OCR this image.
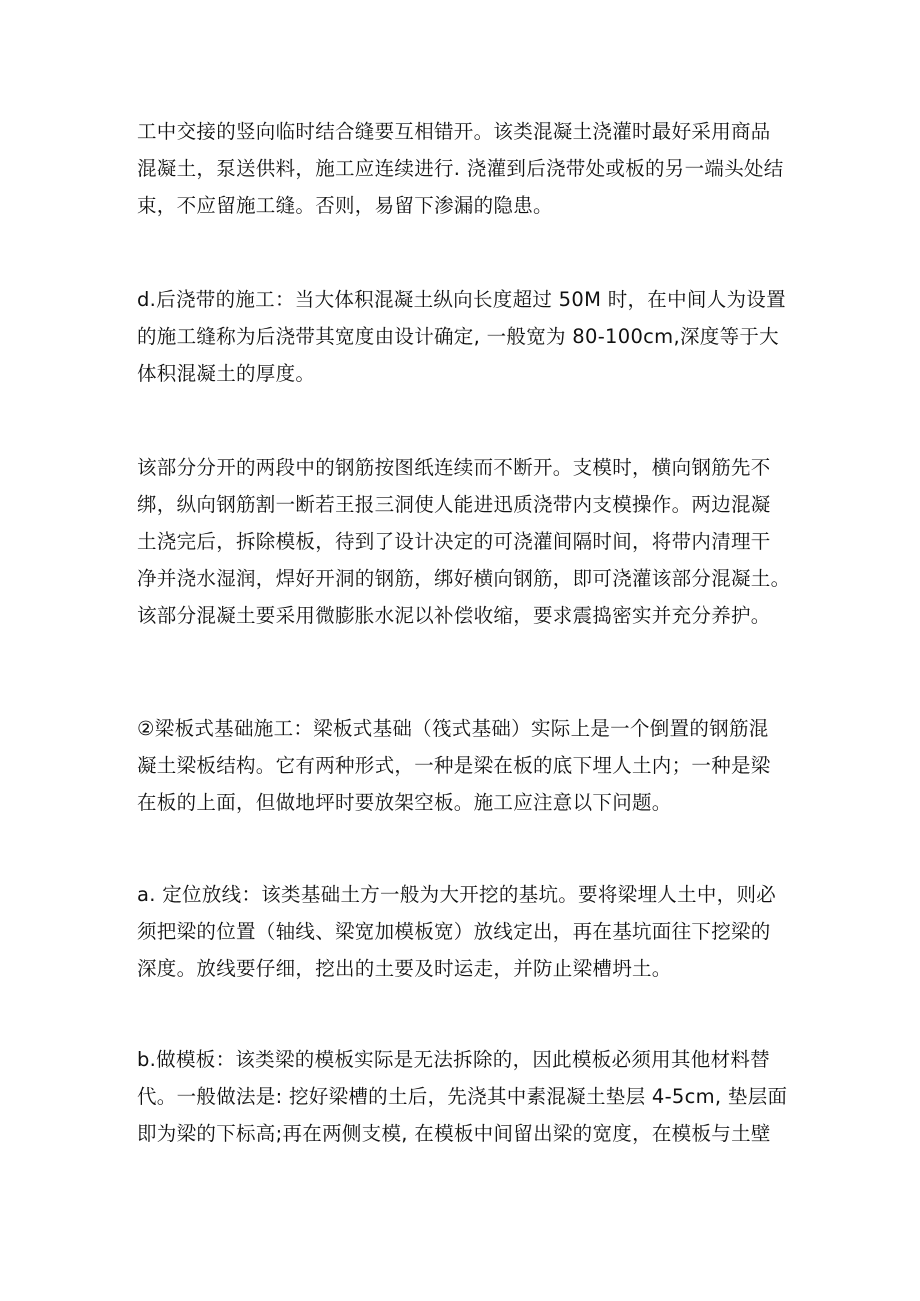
工中交接的竖向临时结合缝要互相错开。该类混凝土浇灌时最好采用商品
混凝土，泵送供料，施工应连续进行. 浇灌到后浇带处或板的另一端头处结
束，不应留施工缝。否则，易留下渗漏的隐患。

d.后浇带的施工：当大体积混凝土纵向长度超过 50M 时，在中间人为设置
的施工缝称为后浇带其宽度由设计确定, 一般宽为 80-100cm,深度等于大
体积混凝土的厚度。

该部分分开的两段中的钢筋按图纸连续而不断开。支模时，横向钢筋先不
绑，纵向钢筋割一断若王报三洞使人能进迅质浇带内支模操作。两边混凝
土浇完后，拆除模板，待到了设计决定的可浇灌间隔时间，将带内清理干
净并浇水湿润，焊好开洞的钢筋，绑好横向钢筋，即可浇灌该部分混凝土。
该部分混凝土要采用微膨胀水泥以补偿收缩，要求震捣密实并充分养护。

②梁板式基础施工：梁板式基础（筏式基础）实际上是一个倒置的钢筋混
凝土梁板结构。它有两种形式，一种是梁在板的底下埋人土内；一种是梁
在板的上面，但做地坪时要放架空板。施工应注意以下问题。

a. 定位放线：该类基础土方一般为大开挖的基坑。要将梁埋人土中，则必
须把梁的位置（轴线、梁宽加模板宽）放线定出，再在基坑面往下挖梁的
深度。放线要仔细，挖出的土要及时运走，并防止梁槽坍土。

b.做模板：该类梁的模板实际是无法拆除的，因此模板必须用其他材料替
代。一般做法是: 挖好梁槽的土后，先浇其中素混凝土垫层 4-5cm, 垫层面
即为梁的下标高;再在两侧支模, 在模板中间留出梁的宽度，在模板与土壁
